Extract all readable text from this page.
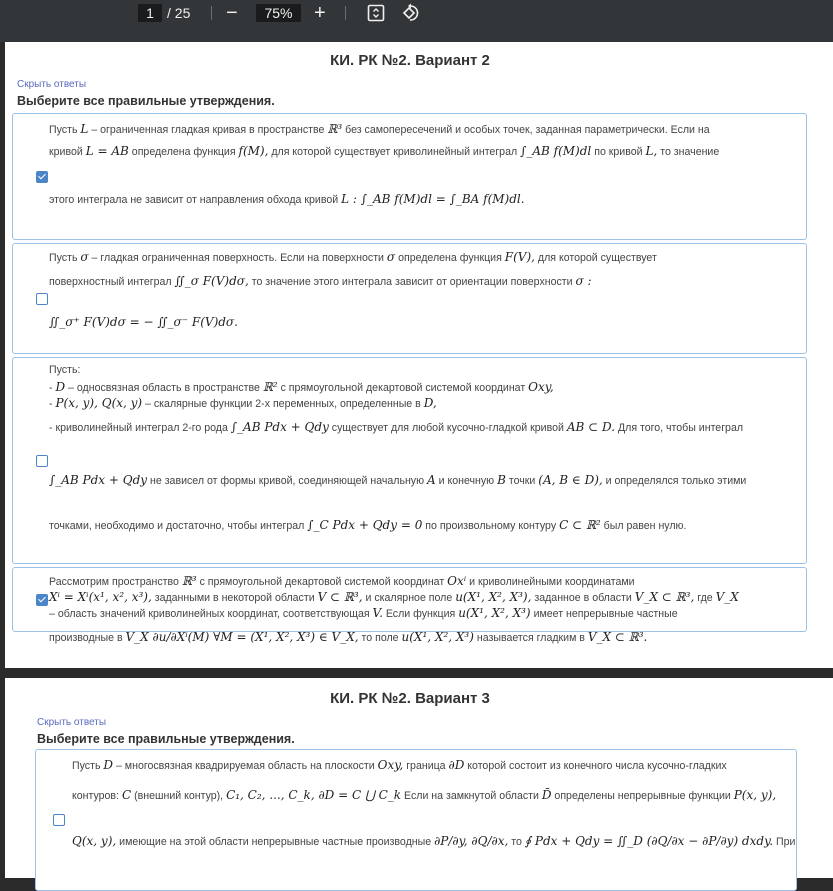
1 / 25 −	75%	+
КИ. РК №2. Вариант 2
Скрыть ответы
Выберите все правильные утверждения.
Пусть L – ограниченная гладкая кривая в пространстве ℝ³ без самопересечений и особых точек, заданная параметрически. Если на
кривой L = AB определена функция f(M), для которой существует криволинейный интеграл ∫_AB f(M)dl по кривой L, то значение
этого интеграла не зависит от направления обхода кривой L : ∫_AB f(M)dl = ∫_BA f(M)dl.
Пусть σ – гладкая ограниченная поверхность. Если на поверхности σ определена функция F(V), для которой существует
поверхностный интеграл ∬_σ F(V)dσ, то значение этого интеграла зависит от ориентации поверхности σ :
∬_σ⁺ F(V)dσ = − ∬_σ⁻ F(V)dσ.
Пусть:
- D – односвязная область в пространстве ℝ² с прямоугольной декартовой системой координат Oxy,
- P(x, y), Q(x, y) – скалярные функции 2-х переменных, определенные в D,
- криволинейный интеграл 2-го рода ∫_AB Pdx + Qdy существует для любой кусочно-гладкой кривой AB ⊂ D. Для того, чтобы интеграл
∫_AB Pdx + Qdy не зависел от формы кривой, соединяющей начальную A и конечную B точки (A, B ∈ D), и определялся только этими
точками, необходимо и достаточно, чтобы интеграл ∫_C Pdx + Qdy = 0 по произвольному контуру C ⊂ ℝ² был равен нулю.
Рассмотрим пространство ℝ³ с прямоугольной декартовой системой координат Oxⁱ и криволинейными координатами
Xⁱ = Xⁱ(x¹, x², x³), заданными в некоторой области V ⊂ ℝ³, и скалярное поле u(X¹, X², X³), заданное в области V_X ⊂ ℝ³, где V_X
– область значений криволинейных координат, соответствующая V. Если функция u(X¹, X², X³) имеет непрерывные частные
производные в V_X ∂u/∂Xⁱ(M) ∀M = (X¹, X², X³) ∈ V_X, то поле u(X¹, X², X³) называется гладким в V_X ⊂ ℝ³.
КИ. РК №2. Вариант 3
Скрыть ответы
Выберите все правильные утверждения.
Пусть D – многосвязная квадрируемая область на плоскости Oxy, граница ∂D которой состоит из конечного числа кусочно-гладких
контуров: C (внешний контур), C₁, C₂, ..., C_k, ∂D = C ⋃ C_k Если на замкнутой области D̄ определены непрерывные функции P(x, y),
Q(x, y), имеющие на этой области непрерывные частные производные ∂P/∂y, ∂Q/∂x, то ∮ Pdx + Qdy = ∬_D (∂Q/∂x − ∂P/∂y) dxdy. При
